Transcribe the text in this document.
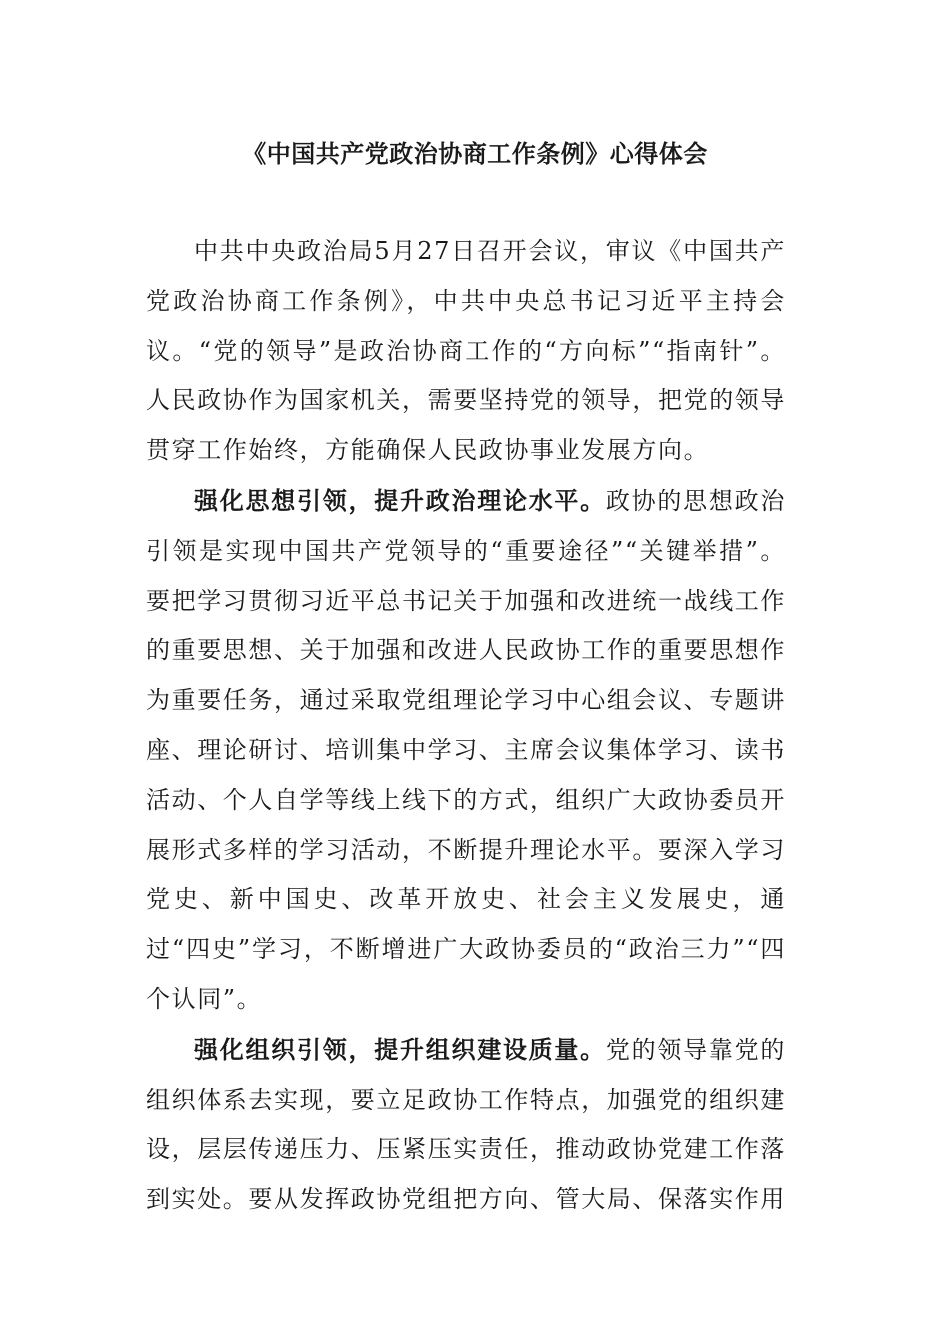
《中国共产党政治协商工作条例》心得体会

中共中央政治局5月27日召开会议，审议《中国共产党政治协商工作条例》，中共中央总书记习近平主持会议。“党的领导”是政治协商工作的“方向标”“指南针”。人民政协作为国家机关，需要坚持党的领导，把党的领导贯穿工作始终，方能确保人民政协事业发展方向。

强化思想引领，提升政治理论水平。政协的思想政治引领是实现中国共产党领导的“重要途径”“关键举措”。要把学习贯彻习近平总书记关于加强和改进统一战线工作的重要思想、关于加强和改进人民政协工作的重要思想作为重要任务，通过采取党组理论学习中心组会议、专题讲座、理论研讨、培训集中学习、主席会议集体学习、读书活动、个人自学等线上线下的方式，组织广大政协委员开展形式多样的学习活动，不断提升理论水平。要深入学习党史、新中国史、改革开放史、社会主义发展史，通过“四史”学习，不断增进广大政协委员的“政治三力”“四个认同”。

强化组织引领，提升组织建设质量。党的领导靠党的组织体系去实现，要立足政协工作特点，加强党的组织建设，层层传递压力、压紧压实责任，推动政协党建工作落到实处。要从发挥政协党组把方向、管大局、保落实作用
